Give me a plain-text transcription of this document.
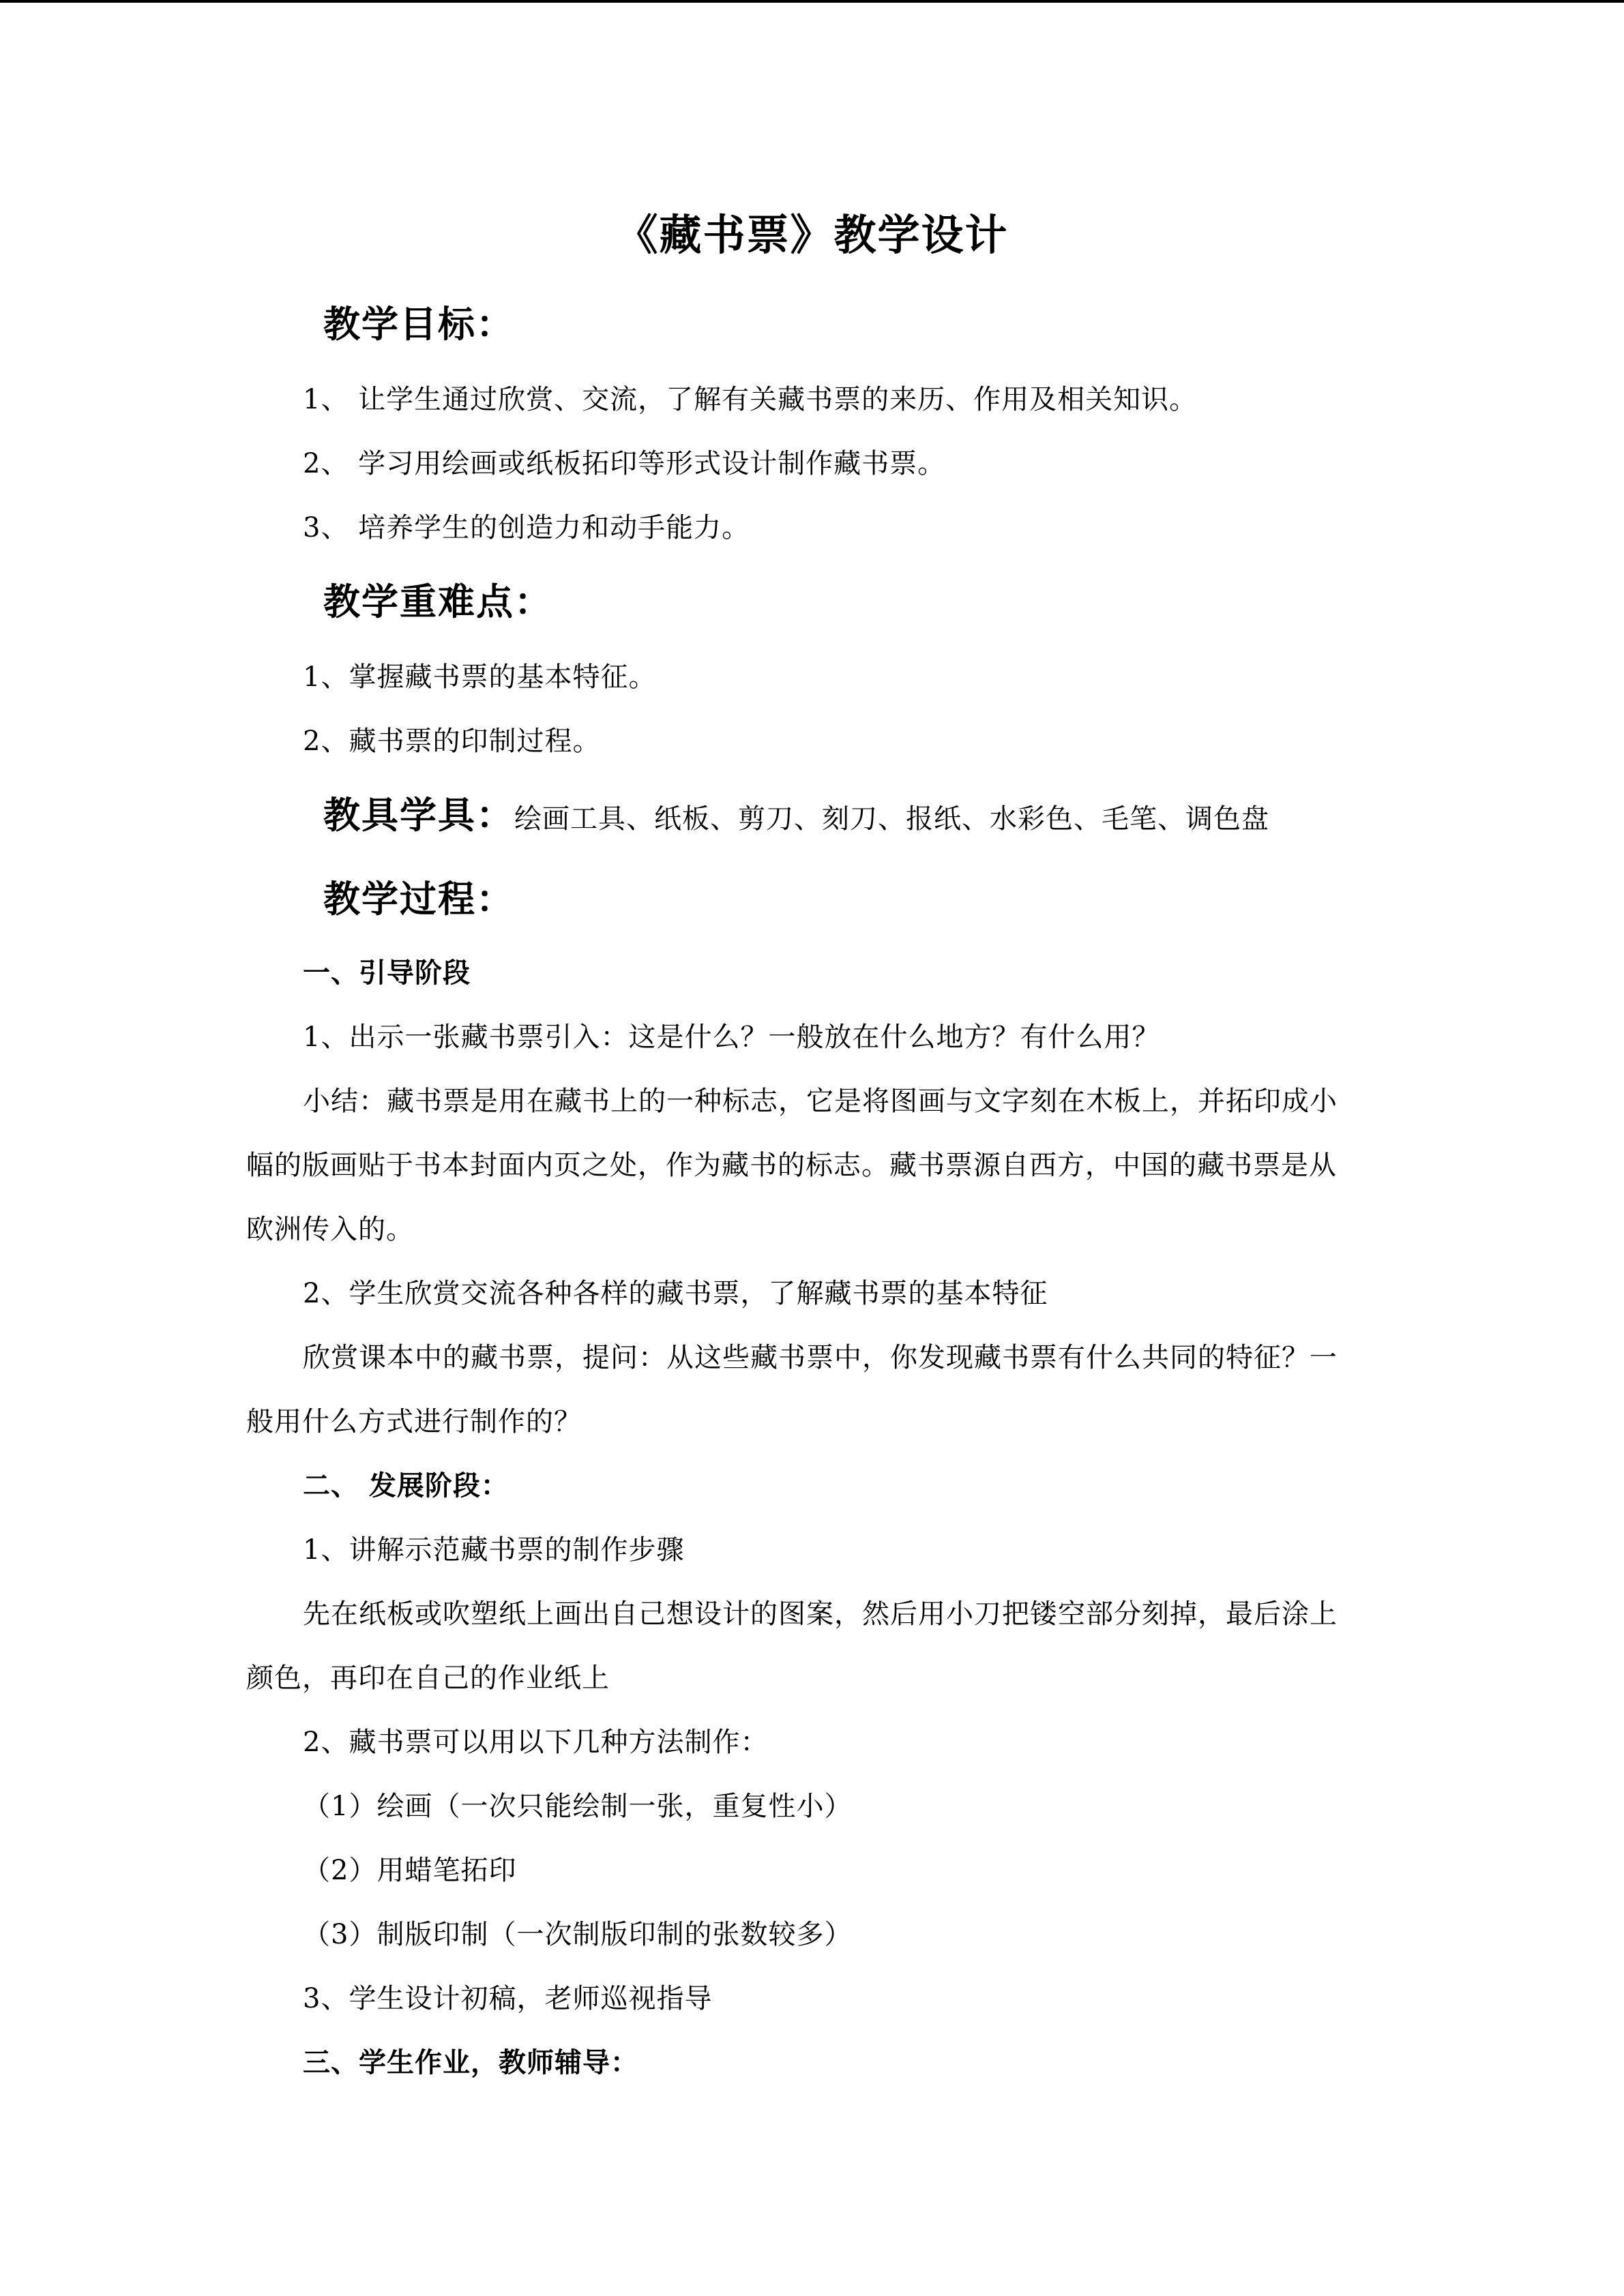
《藏书票》教学设计
教学目标：
1、 让学生通过欣赏、交流，了解有关藏书票的来历、作用及相关知识。
2、 学习用绘画或纸板拓印等形式设计制作藏书票。
3、 培养学生的创造力和动手能力。
教学重难点：
1、掌握藏书票的基本特征。
2、藏书票的印制过程。
教具学具：绘画工具、纸板、剪刀、刻刀、报纸、水彩色、毛笔、调色盘
教学过程：
一、引导阶段
1、出示一张藏书票引入：这是什么？一般放在什么地方？有什么用？
小结：藏书票是用在藏书上的一种标志，它是将图画与文字刻在木板上，并拓印成小
幅的版画贴于书本封面内页之处，作为藏书的标志。藏书票源自西方，中国的藏书票是从
欧洲传入的。
2、学生欣赏交流各种各样的藏书票，了解藏书票的基本特征
欣赏课本中的藏书票，提问：从这些藏书票中，你发现藏书票有什么共同的特征？一
般用什么方式进行制作的？
二、 发展阶段：
1、讲解示范藏书票的制作步骤
先在纸板或吹塑纸上画出自己想设计的图案，然后用小刀把镂空部分刻掉，最后涂上
颜色，再印在自己的作业纸上
2、藏书票可以用以下几种方法制作：
（1）绘画（一次只能绘制一张，重复性小）
（2）用蜡笔拓印
（3）制版印制（一次制版印制的张数较多）
3、学生设计初稿，老师巡视指导
三、学生作业，教师辅导：
